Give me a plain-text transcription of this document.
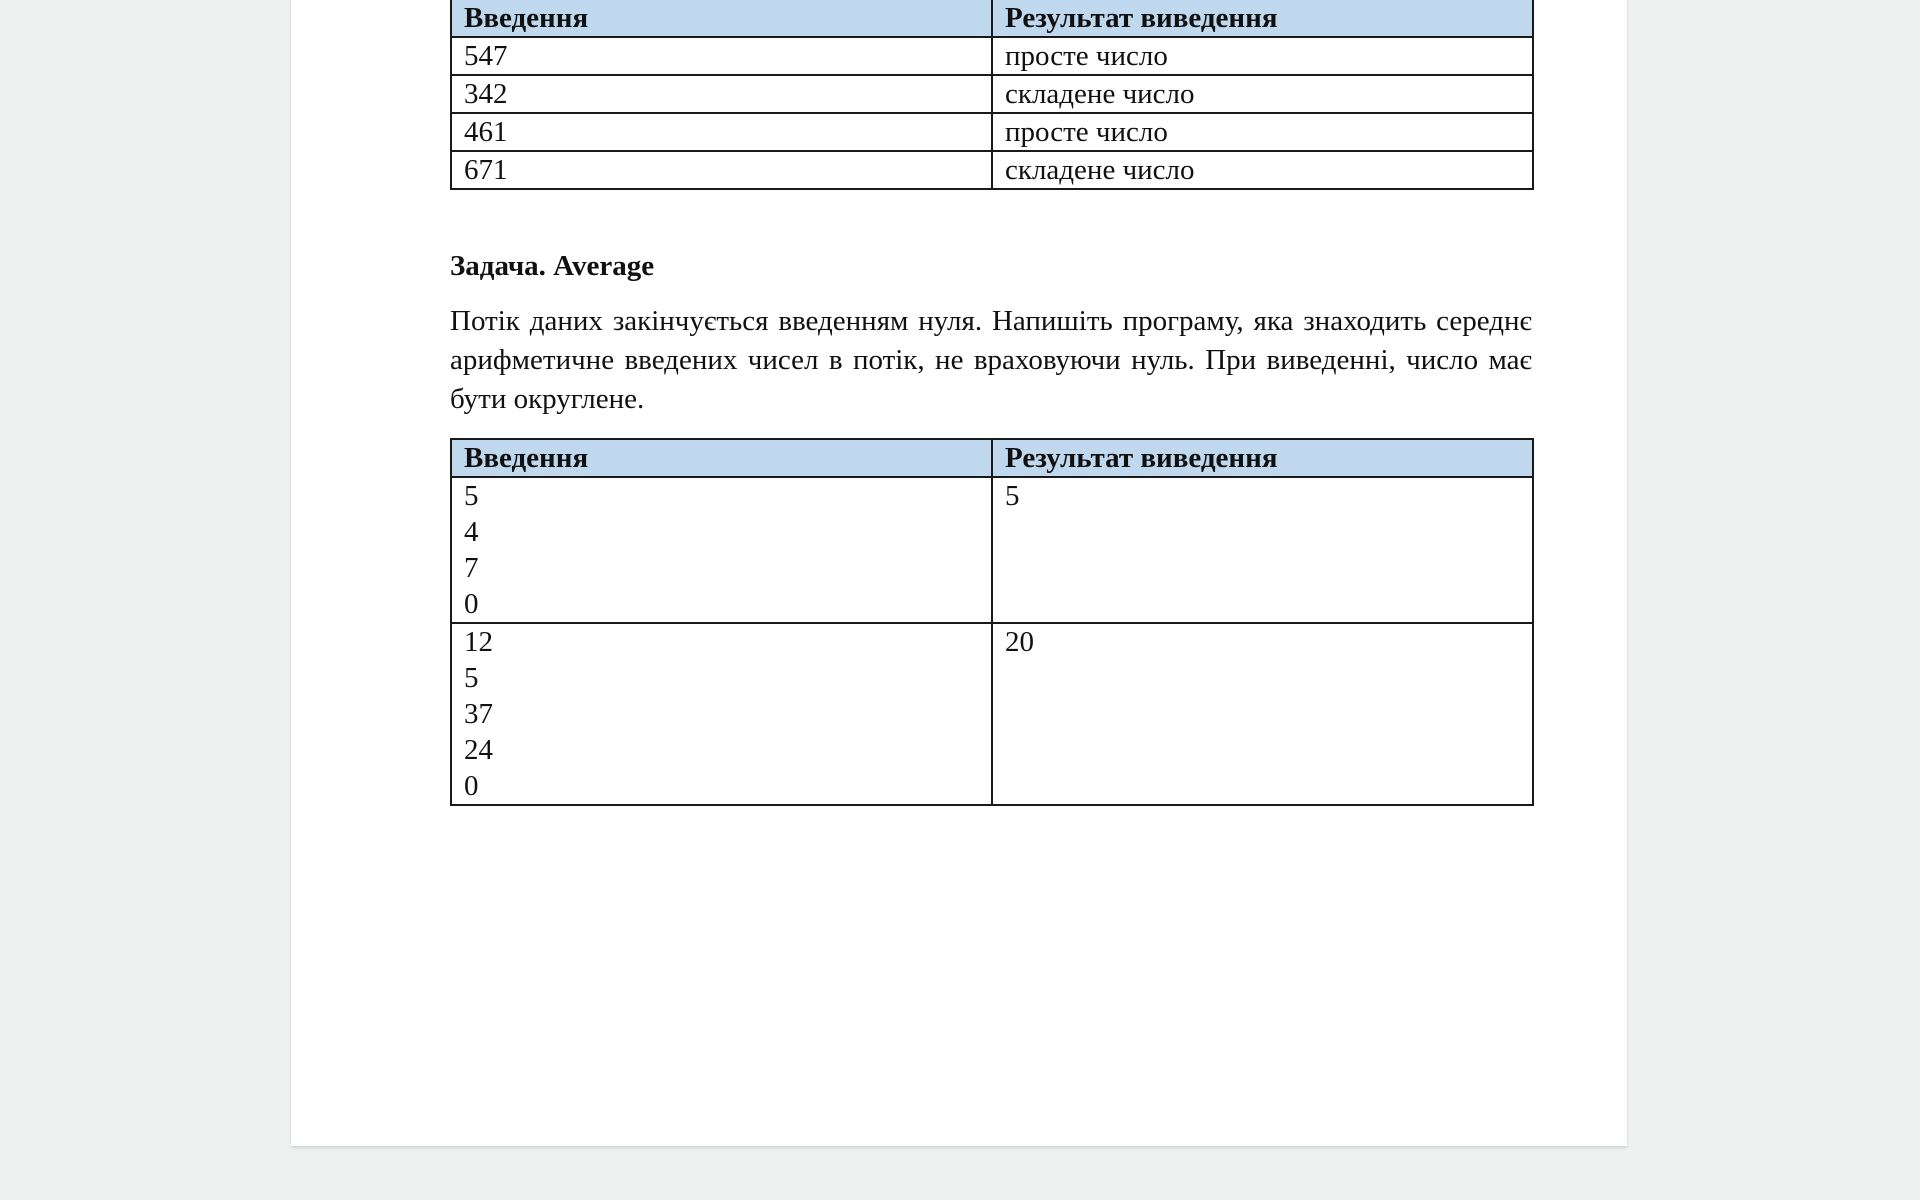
Введення	Результат виведення
547	просте число
342	складене число
461	просте число
671	складене число
Задача. Average

Потік даних закінчується введенням нуля. Напишіть програму, яка знаходить середнє арифметичне введених чисел в потік, не враховуючи нуль. При виведенні, число має бути округлене.

Введення	Результат виведення

5
4
7
0	5

12
5
37
24
0	20
